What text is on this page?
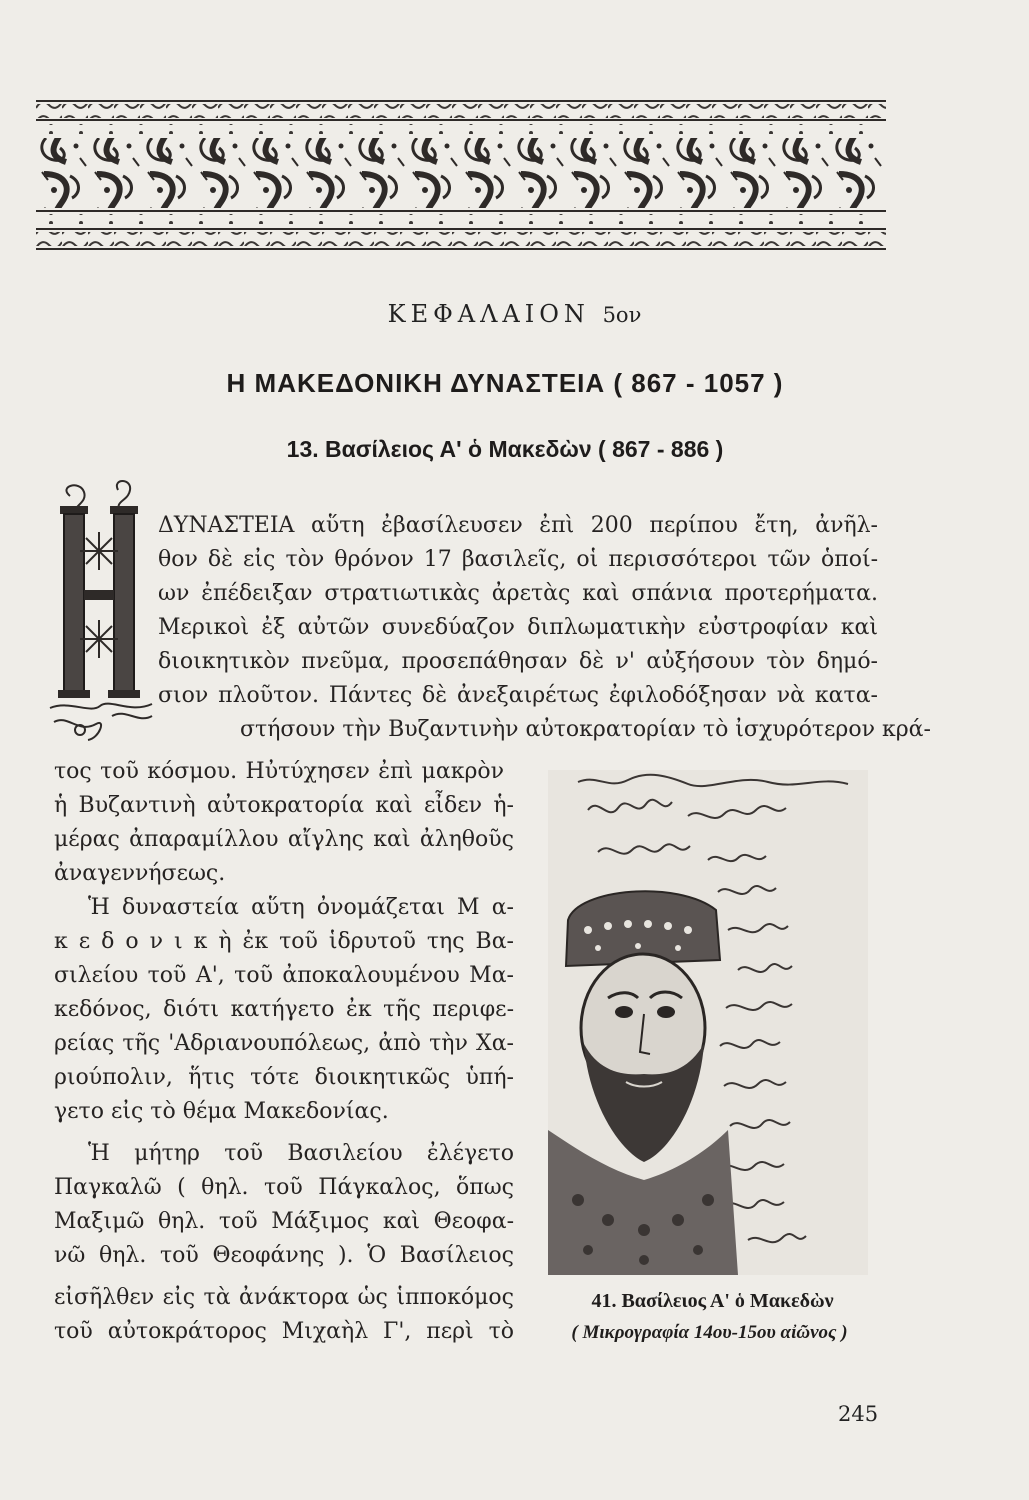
ΚΕΦΑΛΑΙΟΝ 5ον
Η ΜΑΚΕΔΟΝΙΚΗ ΔΥΝΑΣΤΕΙΑ ( 867 - 1057 )
13. Βασίλειος Α' ὁ Μακεδὼν ( 867 - 886 )
ΔΥΝΑΣΤΕΙΑ αὕτη ἐβασίλευσεν ἐπὶ 200 περίπου ἔτη, ἀνῆλ-
θον δὲ εἰς τὸν θρόνον 17 βασιλεῖς, οἱ περισσότεροι τῶν ὁποί-
ων ἐπέδειξαν στρατιωτικὰς ἀρετὰς καὶ σπάνια προτερήματα.
Μερικοὶ ἐξ αὐτῶν συνεδύαζον διπλωματικὴν εὐστροφίαν καὶ
διοικητικὸν πνεῦμα, προσεπάθησαν δὲ ν' αὐξήσουν τὸν δημό-
σιον πλοῦτον. Πάντες δὲ ἀνεξαιρέτως ἐφιλοδόξησαν νὰ κατα-
στήσουν τὴν Βυζαντινὴν αὐτοκρατορίαν τὸ ἰσχυρότερον κρά-
τος τοῦ κόσμου. Ηὐτύχησεν ἐπὶ μακρὸν
ἡ Βυζαντινὴ αὐτοκρατορία καὶ εἶδεν ἡ-
μέρας ἀπαραμίλλου αἴγλης καὶ ἀληθοῦς
ἀναγεννήσεως.
Ἡ δυναστεία αὕτη ὀνομάζεται Μ α-
κ ε δ ο ν ι κ ὴ ἐκ τοῦ ἱδρυτοῦ της Βα-
σιλείου τοῦ Α', τοῦ ἀποκαλουμένου Μα-
κεδόνος, διότι κατήγετο ἐκ τῆς περιφε-
ρείας τῆς 'Αδριανουπόλεως, ἀπὸ τὴν Χα-
ριούπολιν, ἥτις τότε διοικητικῶς ὑπή-
γετο εἰς τὸ θέμα Μακεδονίας.
Ἡ μήτηρ τοῦ Βασιλείου ἐλέγετο
Παγκαλῶ ( θηλ. τοῦ Πάγκαλος, ὅπως
Μαξιμῶ θηλ. τοῦ Μάξιμος καὶ Θεοφα-
νῶ θηλ. τοῦ Θεοφάνης ). Ὁ Βασίλειος
εἰσῆλθεν εἰς τὰ ἀνάκτορα ὡς ἱπποκόμος
τοῦ αὐτοκράτορος Μιχαὴλ Γ', περὶ τὸ
41. Βασίλειος Α' ὁ Μακεδὼν
( Μικρογραφία 14ου-15ου αἰῶνος )
245
